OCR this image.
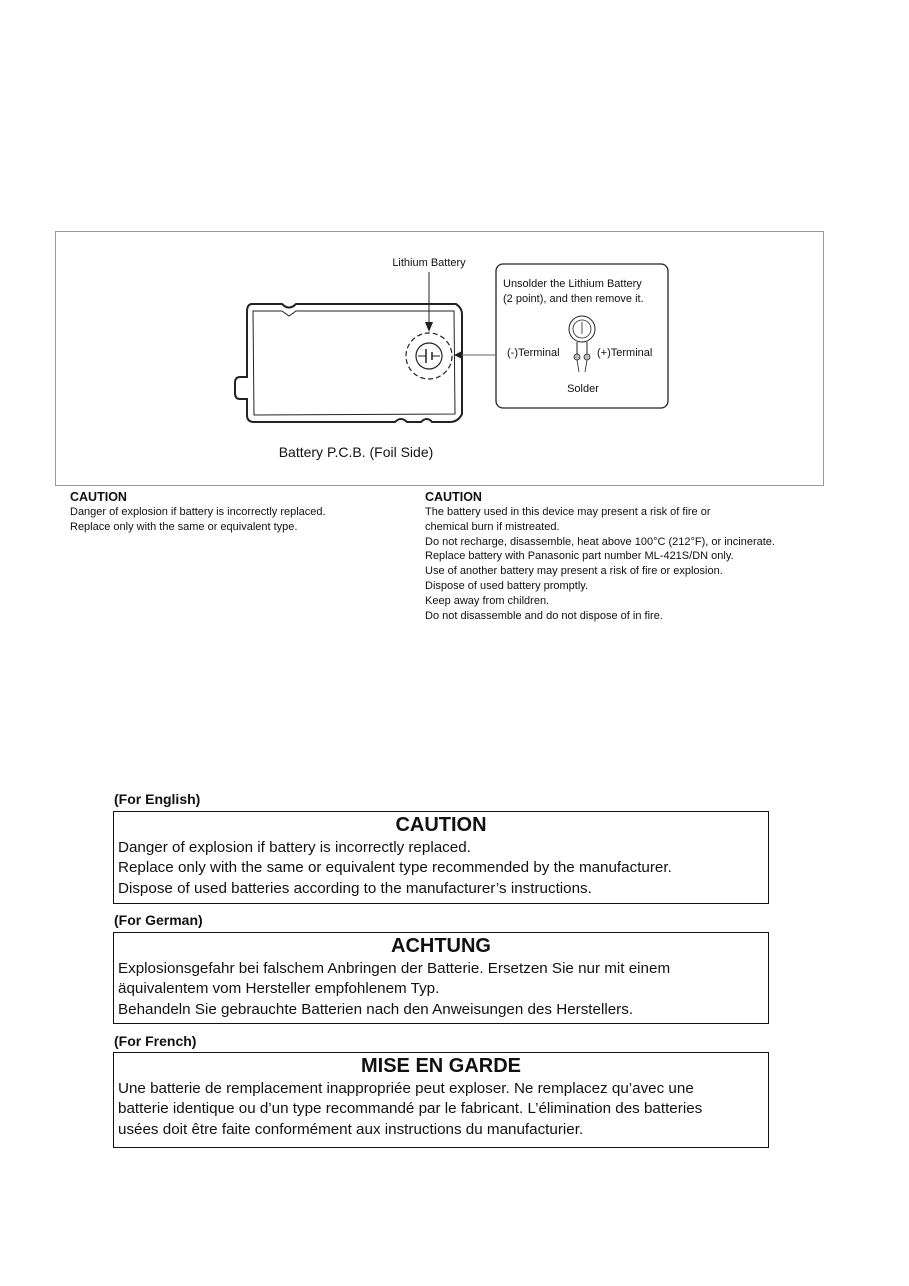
Lithium Battery
Unsolder the Lithium Battery
(2 point), and then remove it.
(-)Terminal	(+)Terminal
Solder
Battery P.C.B. (Foil Side)
CAUTION
Danger of explosion if battery is incorrectly replaced.
Replace only with the same or equivalent type.
CAUTION
The battery used in this device may present a risk of fire or
chemical burn if mistreated.
Do not recharge, disassemble, heat above 100°C (212°F), or incinerate.
Replace battery with Panasonic part number ML-421S/DN only.
Use of another battery may present a risk of fire or explosion.
Dispose of used battery promptly.
Keep away from children.
Do not disassemble and do not dispose of in fire.
(For English)
CAUTION
Danger of explosion if battery is incorrectly replaced.
Replace only with the same or equivalent type recommended by the manufacturer.
Dispose of used batteries according to the manufacturer’s instructions.
(For German)
ACHTUNG
Explosionsgefahr bei falschem Anbringen der Batterie. Ersetzen Sie nur mit einem
äquivalentem vom Hersteller empfohlenem Typ.
Behandeln Sie gebrauchte Batterien nach den Anweisungen des Herstellers.
(For French)
MISE EN GARDE
Une batterie de remplacement inappropriée peut exploser. Ne remplacez qu’avec une
batterie identique ou d’un type recommandé par le fabricant. L’élimination des batteries
usées doit être faite conformément aux instructions du manufacturier.
